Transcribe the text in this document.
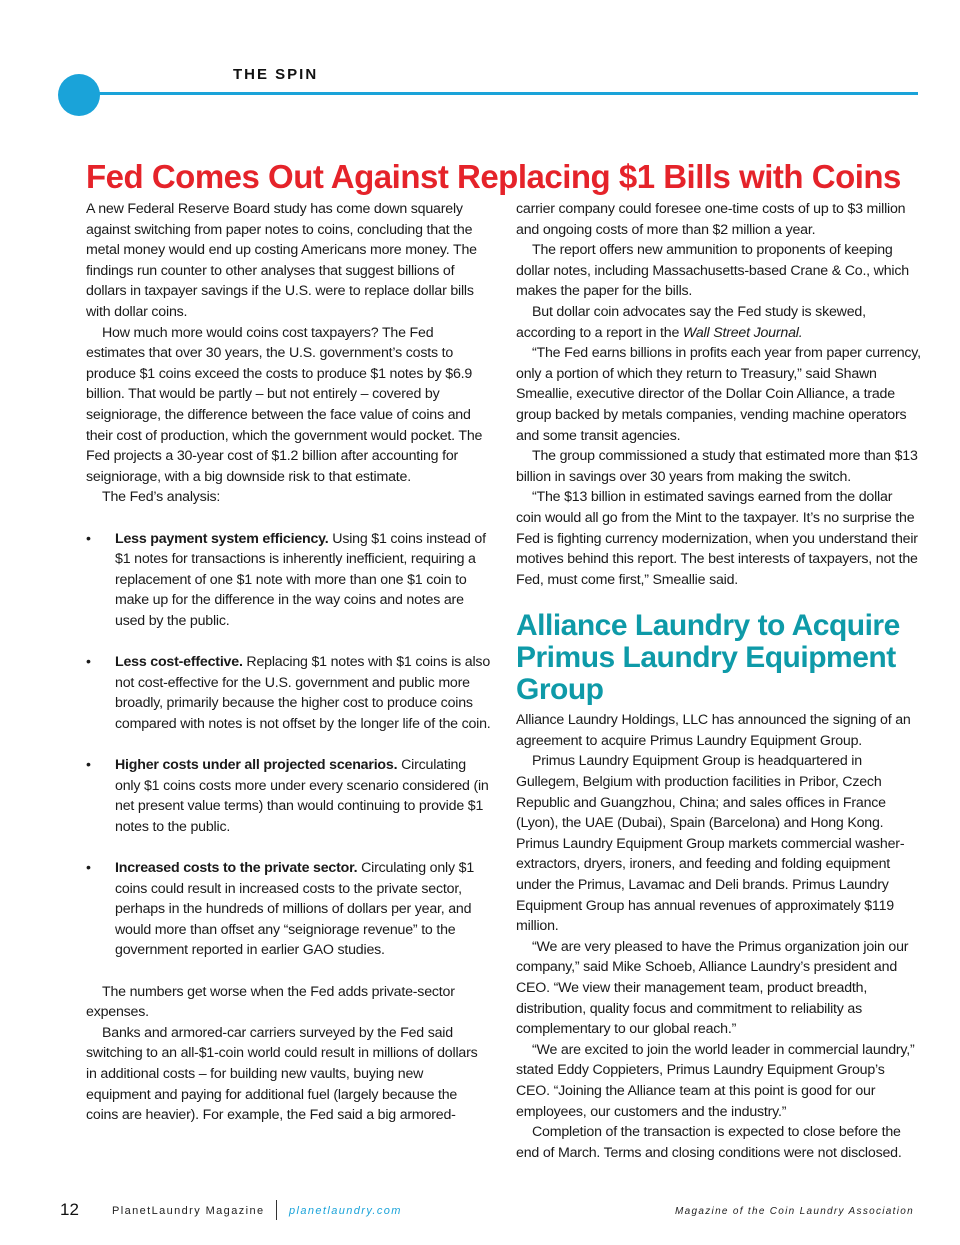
THE SPIN
Fed Comes Out Against Replacing $1 Bills with Coins

A new Federal Reserve Board study has come down squarely against switching from paper notes to coins, concluding that the metal money would end up costing Americans more money. The findings run counter to other analyses that suggest billions of dollars in taxpayer savings if the U.S. were to replace dollar bills with dollar coins.

How much more would coins cost taxpayers? The Fed estimates that over 30 years, the U.S. government’s costs to produce $1 coins exceed the costs to produce $1 notes by $6.9 billion. That would be partly – but not entirely – covered by seigniorage, the difference between the face value of coins and their cost of production, which the government would pocket. The Fed projects a 30-year cost of $1.2 billion after accounting for seigniorage, with a big downside risk to that estimate.

The Fed’s analysis:

• Less payment system efficiency. Using $1 coins instead of $1 notes for transactions is inherently inefficient, requiring a replacement of one $1 note with more than one $1 coin to make up for the difference in the way coins and notes are used by the public.
• Less cost-effective. Replacing $1 notes with $1 coins is also not cost-effective for the U.S. government and public more broadly, primarily because the higher cost to produce coins compared with notes is not offset by the longer life of the coin.
• Higher costs under all projected scenarios. Circulating only $1 coins costs more under every scenario considered (in net present value terms) than would continuing to provide $1 notes to the public.
• Increased costs to the private sector. Circulating only $1 coins could result in increased costs to the private sector, perhaps in the hundreds of millions of dollars per year, and would more than offset any “seigniorage revenue” to the government reported in earlier GAO studies.

The numbers get worse when the Fed adds private-sector expenses.

Banks and armored-car carriers surveyed by the Fed said switching to an all-$1-coin world could result in millions of dollars in additional costs – for building new vaults, buying new equipment and paying for additional fuel (largely because the coins are heavier). For example, the Fed said a big armored-

carrier company could foresee one-time costs of up to $3 million and ongoing costs of more than $2 million a year.

The report offers new ammunition to proponents of keeping dollar notes, including Massachusetts-based Crane & Co., which makes the paper for the bills.

But dollar coin advocates say the Fed study is skewed, according to a report in the Wall Street Journal.

“The Fed earns billions in profits each year from paper currency, only a portion of which they return to Treasury,” said Shawn Smeallie, executive director of the Dollar Coin Alliance, a trade group backed by metals companies, vending machine operators and some transit agencies.

The group commissioned a study that estimated more than $13 billion in savings over 30 years from making the switch.

“The $13 billion in estimated savings earned from the dollar coin would all go from the Mint to the taxpayer. It’s no surprise the Fed is fighting currency modernization, when you understand their motives behind this report. The best interests of taxpayers, not the Fed, must come first,” Smeallie said.

Alliance Laundry to Acquire Primus Laundry Equipment Group

Alliance Laundry Holdings, LLC has announced the signing of an agreement to acquire Primus Laundry Equipment Group.

Primus Laundry Equipment Group is headquartered in Gullegem, Belgium with production facilities in Pribor, Czech Republic and Guangzhou, China; and sales offices in France (Lyon), the UAE (Dubai), Spain (Barcelona) and Hong Kong. Primus Laundry Equipment Group markets commercial washer-extractors, dryers, ironers, and feeding and folding equipment under the Primus, Lavamac and Deli brands. Primus Laundry Equipment Group has annual revenues of approximately $119 million.

“We are very pleased to have the Primus organization join our company,” said Mike Schoeb, Alliance Laundry’s president and CEO. “We view their management team, product breadth, distribution, quality focus and commitment to reliability as complementary to our global reach.”

“We are excited to join the world leader in commercial laundry,” stated Eddy Coppieters, Primus Laundry Equipment Group’s CEO. “Joining the Alliance team at this point is good for our employees, our customers and the industry.”

Completion of the transaction is expected to close before the end of March. Terms and closing conditions were not disclosed.

12	PlanetLaundry Magazine planetlaundry.com	Magazine of the Coin Laundry Association
